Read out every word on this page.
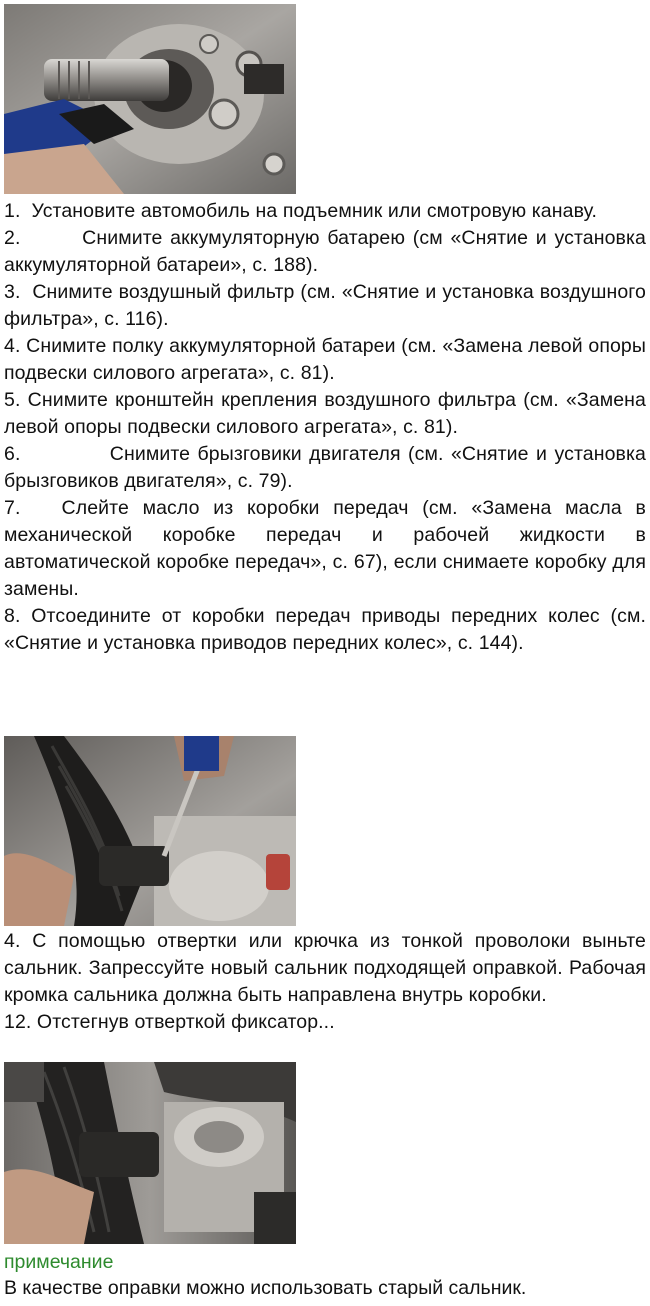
1. Установите автомобиль на подъемник или смотровую канаву.

2.	Снимите аккумуляторную батарею (см «Снятие и установка аккумуляторной батареи», с. 188).

3. Снимите воздушный фильтр (см. «Снятие и установка воздушного фильтра», с. 116).

4. Снимите полку аккумуляторной батареи (см. «Замена левой опоры подвески силового агрегата», с. 81).

5. Снимите кронштейн крепления воздушного фильтра (см. «Замена левой опоры подвески силового агрегата», с. 81).

6.	Снимите брызговики двигателя (см. «Снятие и установка брызговиков двигателя», с. 79).

7. Слейте масло из коробки передач (см. «Замена масла в механической коробке передач и рабочей жидкости в автоматической коробке передач», с. 67), если снимаете коробку для замены.

8. Отсоедините от коробки передач приводы передних колес (см. «Снятие и установка приводов передних колес», с. 144).

4. С помощью отвертки или крючка из тонкой проволоки выньте сальник. Запрессуйте новый сальник подходящей оправкой. Рабочая кромка сальника должна быть направлена внутрь коробки.

12. Отстегнув отверткой фиксатор...

примечание
В качестве оправки можно использовать старый сальник.
